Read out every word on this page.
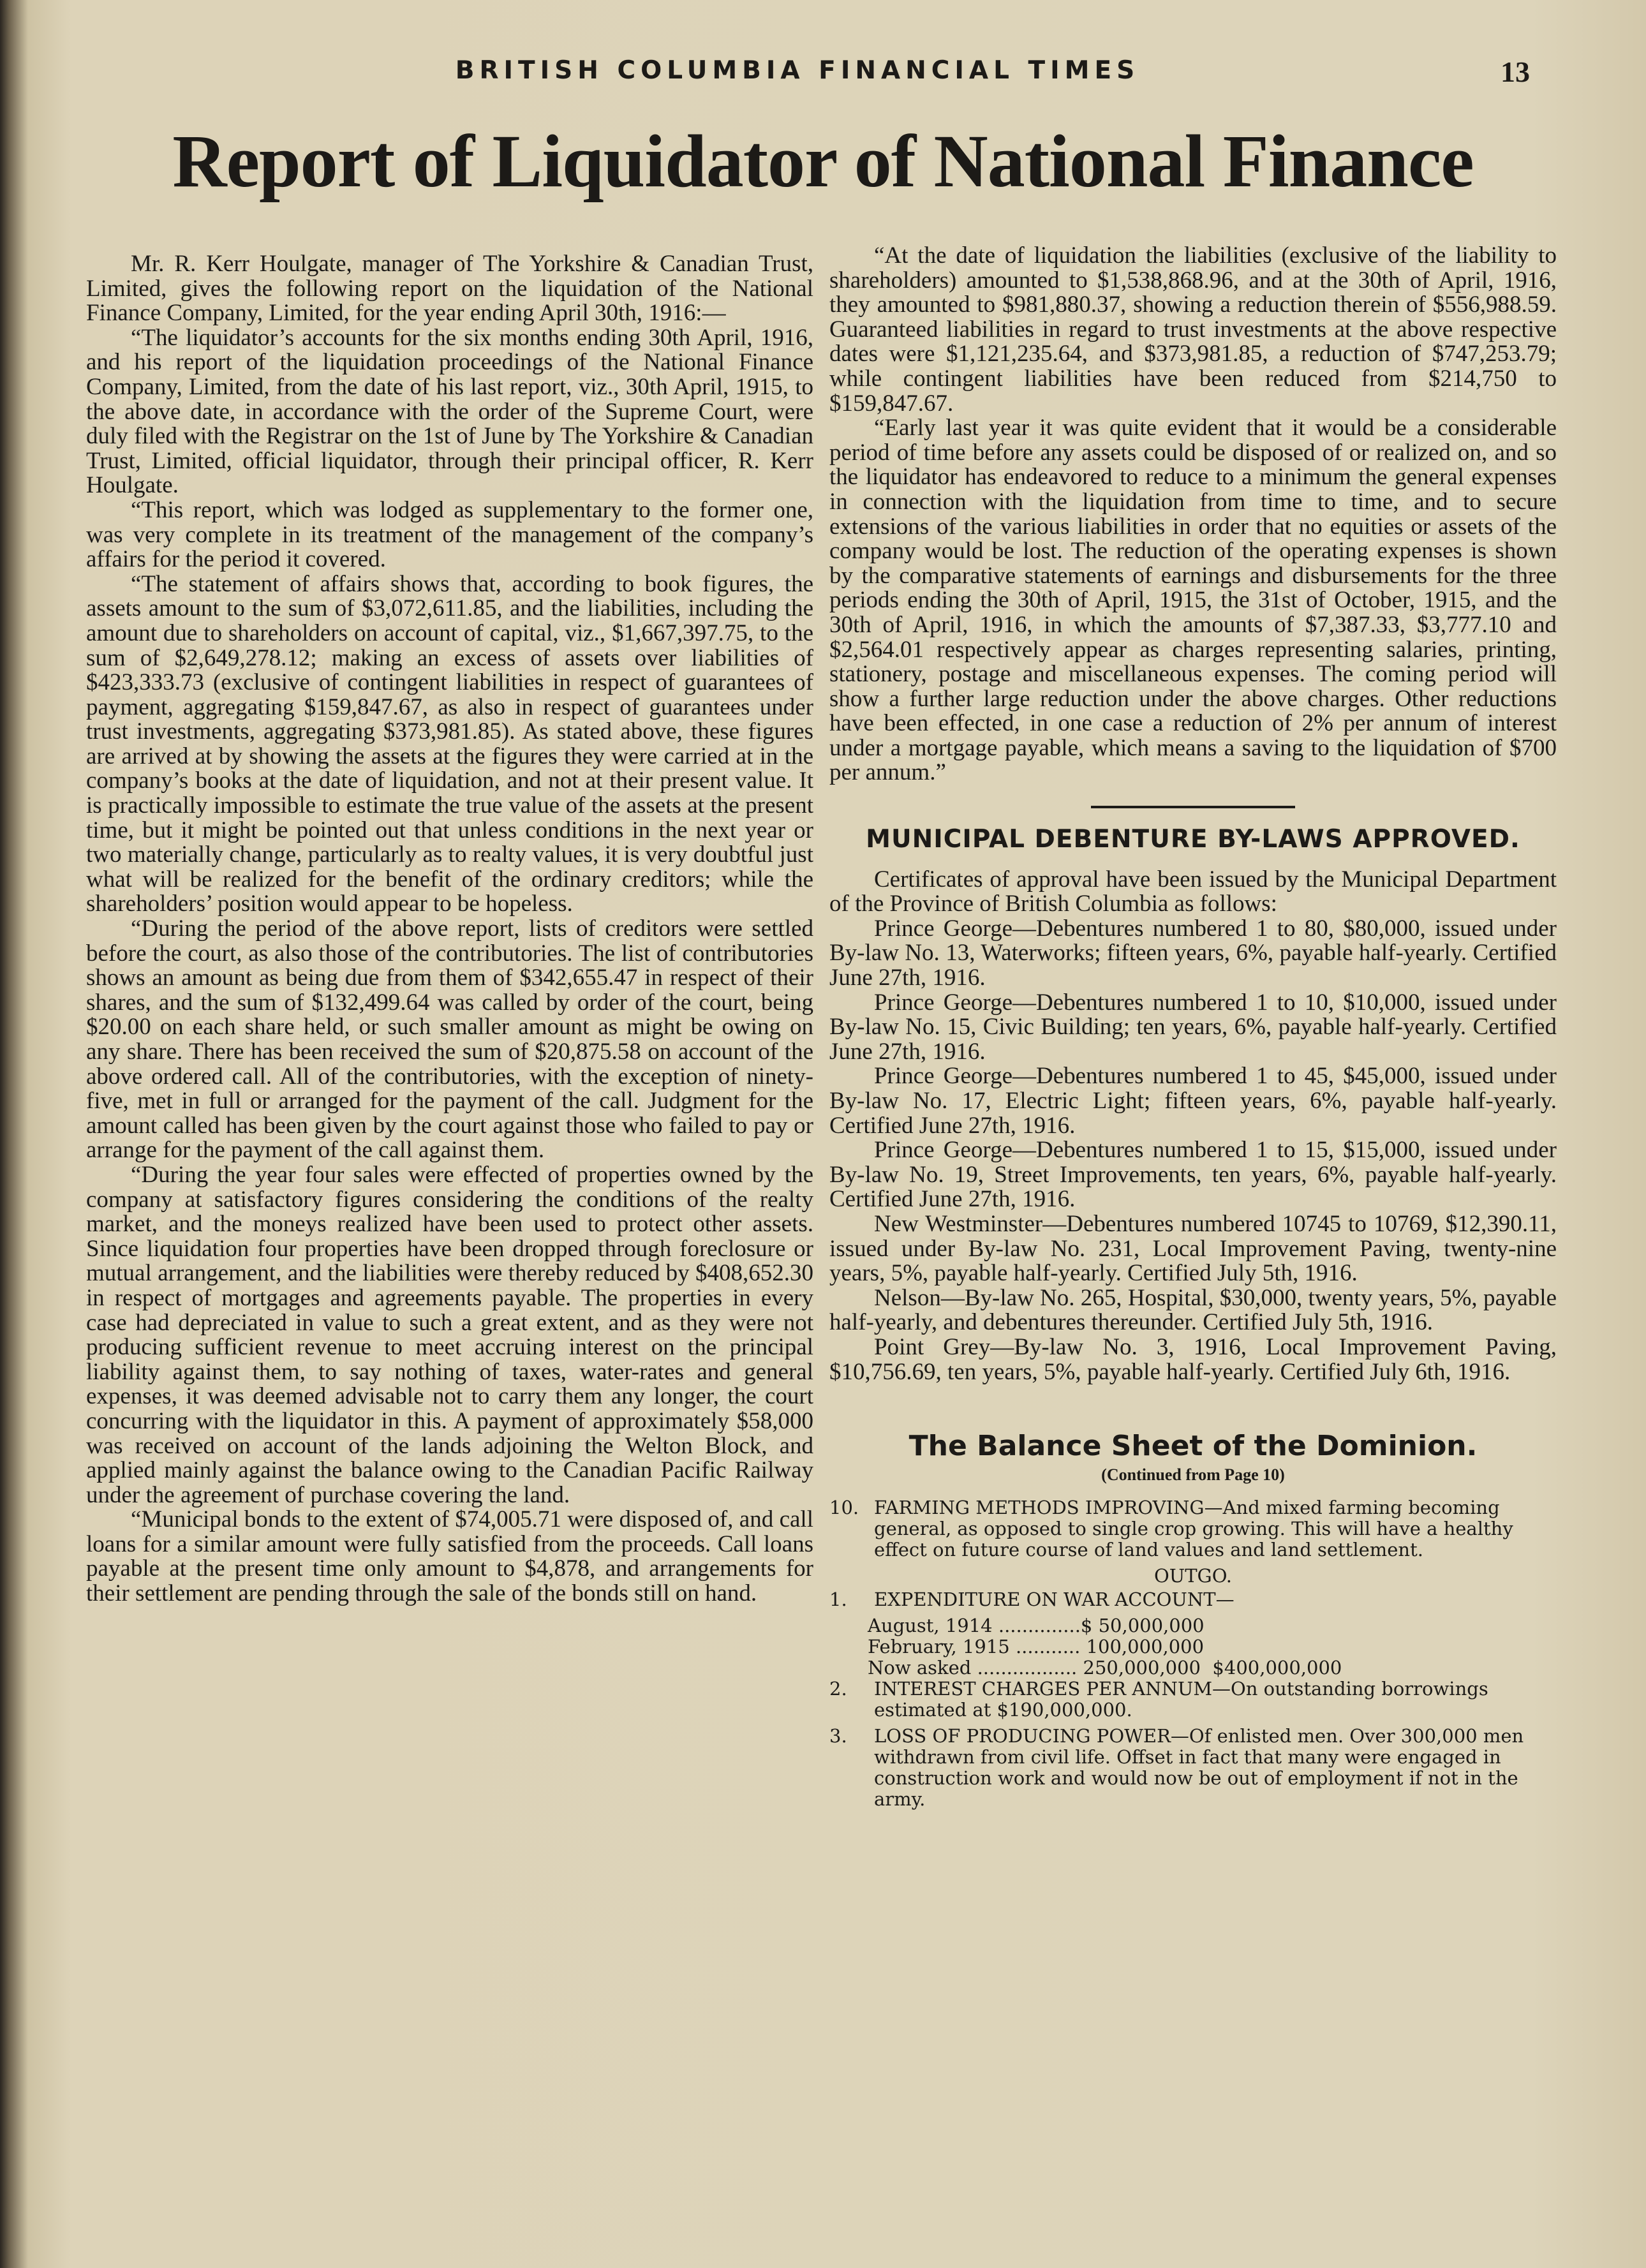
BRITISH COLUMBIA FINANCIAL TIMES	13
Report of Liquidator of National Finance

Mr. R. Kerr Houlgate, manager of The Yorkshire & Canadian Trust, Limited, gives the following report on the liquidation of the National Finance Company, Limited, for the year ending April 30th, 1916:—

“The liquidator’s accounts for the six months ending 30th April, 1916, and his report of the liquidation proceedings of the National Finance Company, Limited, from the date of his last report, viz., 30th April, 1915, to the above date, in accordance with the order of the Supreme Court, were duly filed with the Registrar on the 1st of June by The Yorkshire & Canadian Trust, Limited, official liquidator, through their principal officer, R. Kerr Houlgate.

“This report, which was lodged as supplementary to the former one, was very complete in its treatment of the management of the company’s affairs for the period it covered.

“The statement of affairs shows that, according to book figures, the assets amount to the sum of $3,072,611.85, and the liabilities, including the amount due to shareholders on account of capital, viz., $1,667,397.75, to the sum of $2,649,278.12; making an excess of assets over liabilities of $423,333.73 (exclusive of contingent liabilities in respect of guarantees of payment, aggregating $159,847.67, as also in respect of guarantees under trust investments, aggregating $373,981.85). As stated above, these figures are arrived at by showing the assets at the figures they were carried at in the company’s books at the date of liquidation, and not at their present value. It is practically impossible to estimate the true value of the assets at the present time, but it might be pointed out that unless conditions in the next year or two materially change, particularly as to realty values, it is very doubtful just what will be realized for the benefit of the ordinary creditors; while the shareholders’ position would appear to be hopeless.

“During the period of the above report, lists of creditors were settled before the court, as also those of the contributories. The list of contributories shows an amount as being due from them of $342,655.47 in respect of their shares, and the sum of $132,499.64 was called by order of the court, being $20.00 on each share held, or such smaller amount as might be owing on any share. There has been received the sum of $20,875.58 on account of the above ordered call. All of the contributories, with the exception of ninety-five, met in full or arranged for the payment of the call. Judgment for the amount called has been given by the court against those who failed to pay or arrange for the payment of the call against them.

“During the year four sales were effected of properties owned by the company at satisfactory figures considering the conditions of the realty market, and the moneys realized have been used to protect other assets. Since liquidation four properties have been dropped through foreclosure or mutual arrangement, and the liabilities were thereby reduced by $408,652.30 in respect of mortgages and agreements payable. The properties in every case had depreciated in value to such a great extent, and as they were not producing sufficient revenue to meet accruing interest on the principal liability against them, to say nothing of taxes, water-rates and general expenses, it was deemed advisable not to carry them any longer, the court concurring with the liquidator in this. A payment of approximately $58,000 was received on account of the lands adjoining the Welton Block, and applied mainly against the balance owing to the Canadian Pacific Railway under the agreement of purchase covering the land.

“Municipal bonds to the extent of $74,005.71 were disposed of, and call loans for a similar amount were fully satisfied from the proceeds. Call loans payable at the present time only amount to $4,878, and arrangements for their settlement are pending through the sale of the bonds still on hand.

“At the date of liquidation the liabilities (exclusive of the liability to shareholders) amounted to $1,538,868.96, and at the 30th of April, 1916, they amounted to $981,880.37, showing a reduction therein of $556,988.59. Guaranteed liabilities in regard to trust investments at the above respective dates were $1,121,235.64, and $373,981.85, a reduction of $747,253.79; while contingent liabilities have been reduced from $214,750 to $159,847.67.

“Early last year it was quite evident that it would be a considerable period of time before any assets could be disposed of or realized on, and so the liquidator has endeavored to reduce to a minimum the general expenses in connection with the liquidation from time to time, and to secure extensions of the various liabilities in order that no equities or assets of the company would be lost. The reduction of the operating expenses is shown by the comparative statements of earnings and disbursements for the three periods ending the 30th of April, 1915, the 31st of October, 1915, and the 30th of April, 1916, in which the amounts of $7,387.33, $3,777.10 and $2,564.01 respectively appear as charges representing salaries, printing, stationery, postage and miscellaneous expenses. The coming period will show a further large reduction under the above charges. Other reductions have been effected, in one case a reduction of 2% per annum of interest under a mortgage payable, which means a saving to the liquidation of $700 per annum.”

MUNICIPAL DEBENTURE BY-LAWS APPROVED.

Certificates of approval have been issued by the Municipal Department of the Province of British Columbia as follows:

Prince George—Debentures numbered 1 to 80, $80,000, issued under By-law No. 13, Waterworks; fifteen years, 6%, payable half-yearly. Certified June 27th, 1916.

Prince George—Debentures numbered 1 to 10, $10,000, issued under By-law No. 15, Civic Building; ten years, 6%, payable half-yearly. Certified June 27th, 1916.

Prince George—Debentures numbered 1 to 45, $45,000, issued under By-law No. 17, Electric Light; fifteen years, 6%, payable half-yearly. Certified June 27th, 1916.

Prince George—Debentures numbered 1 to 15, $15,000, issued under By-law No. 19, Street Improvements, ten years, 6%, payable half-yearly. Certified June 27th, 1916.

New Westminster—Debentures numbered 10745 to 10769, $12,390.11, issued under By-law No. 231, Local Improvement Paving, twenty-nine years, 5%, payable half-yearly. Certified July 5th, 1916.

Nelson—By-law No. 265, Hospital, $30,000, twenty years, 5%, payable half-yearly, and debentures thereunder. Certified July 5th, 1916.

Point Grey—By-law No. 3, 1916, Local Improvement Paving, $10,756.69, ten years, 5%, payable half-yearly. Certified July 6th, 1916.

The Balance Sheet of the Dominion.
(Continued from Page 10)
10. FARMING METHODS IMPROVING—And mixed farming becoming general, as opposed to single crop growing. This will have a healthy effect on future course of land values and land settlement.
OUTGO.
1.	EXPENDITURE ON WAR ACCOUNT—
August, 1914 ..............$ 50,000,000
February, 1915 ........... 100,000,000
Now asked ................. 250,000,000  $400,000,000
2.	INTEREST CHARGES PER ANNUM—On outstanding borrowings estimated at $190,000,000.
3.	LOSS OF PRODUCING POWER—Of enlisted men. Over 300,000 men withdrawn from civil life. Offset in fact that many were engaged in construction work and would now be out of employment if not in the army.
